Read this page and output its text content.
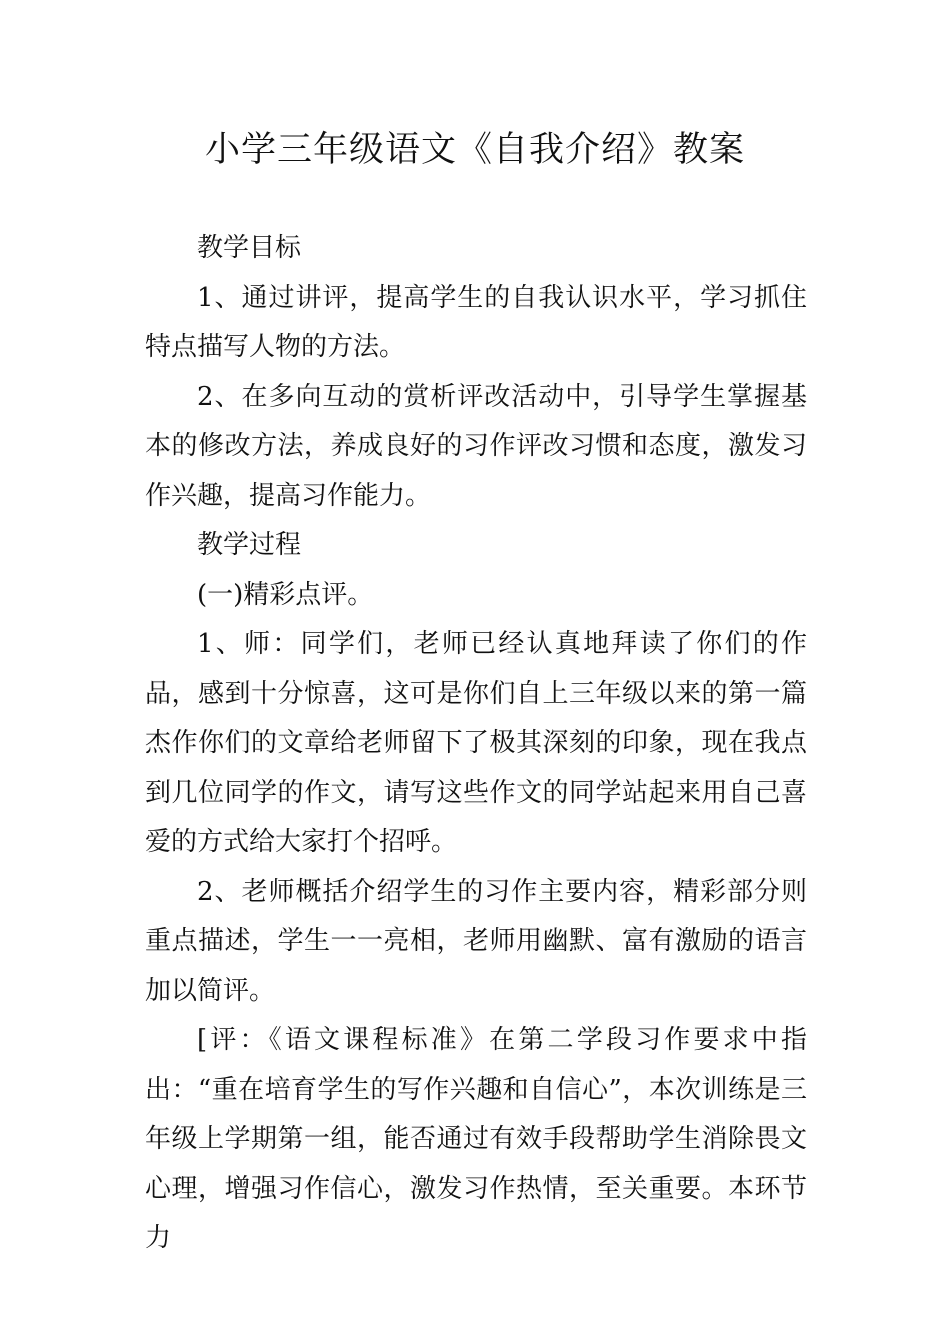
小学三年级语文《自我介绍》教案

教学目标

1、通过讲评，提高学生的自我认识水平，学习抓住特点描写人物的方法。

2、在多向互动的赏析评改活动中，引导学生掌握基本的修改方法，养成良好的习作评改习惯和态度，激发习作兴趣，提高习作能力。

教学过程

(一)精彩点评。

1、师：同学们，老师已经认真地拜读了你们的作品，感到十分惊喜，这可是你们自上三年级以来的第一篇杰作你们的文章给老师留下了极其深刻的印象，现在我点到几位同学的作文，请写这些作文的同学站起来用自己喜爱的方式给大家打个招呼。

2、老师概括介绍学生的习作主要内容，精彩部分则重点描述，学生一一亮相，老师用幽默、富有激励的语言加以简评。

[评：《语文课程标准》在第二学段习作要求中指出：“重在培育学生的写作兴趣和自信心”，本次训练是三年级上学期第一组，能否通过有效手段帮助学生消除畏文心理，增强习作信心，激发习作热情，至关重要。本环节力
